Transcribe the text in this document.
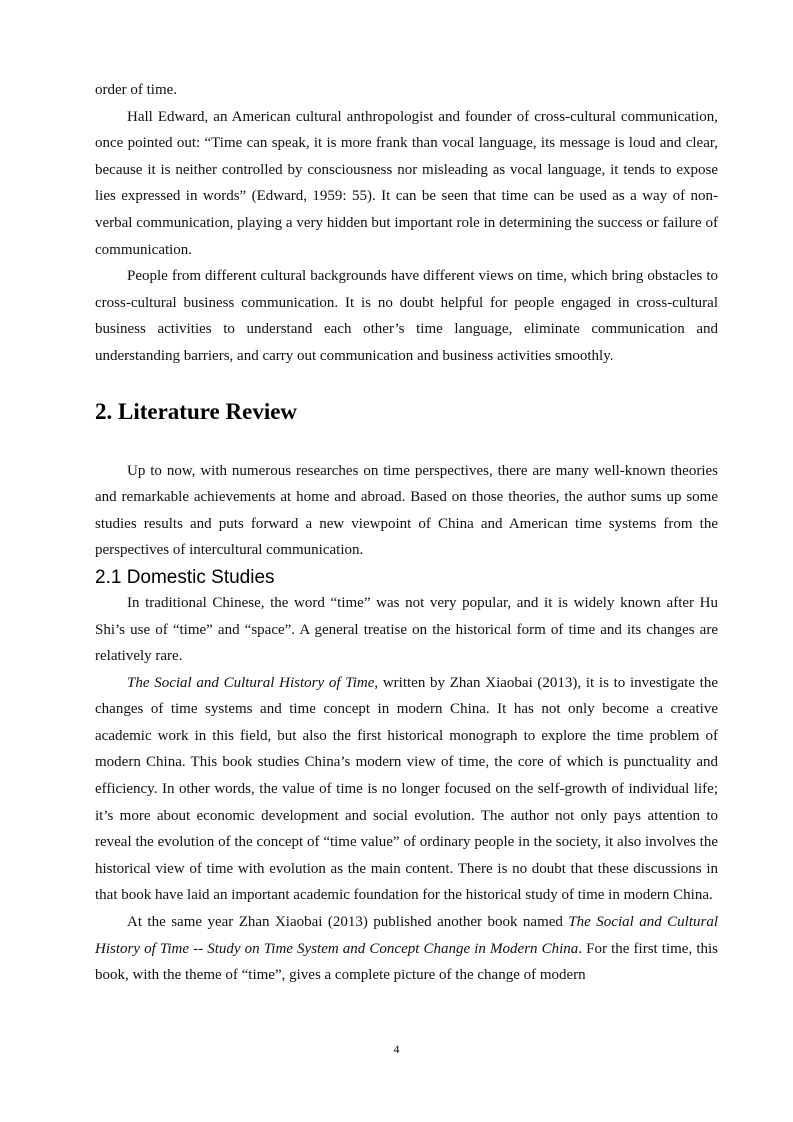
order of time.

Hall Edward, an American cultural anthropologist and founder of cross-cultural communication, once pointed out: “Time can speak, it is more frank than vocal language, its message is loud and clear, because it is neither controlled by consciousness nor misleading as vocal language, it tends to expose lies expressed in words” (Edward, 1959: 55). It can be seen that time can be used as a way of non-verbal communication, playing a very hidden but important role in determining the success or failure of communication.

People from different cultural backgrounds have different views on time, which bring obstacles to cross-cultural business communication. It is no doubt helpful for people engaged in cross-cultural business activities to understand each other’s time language, eliminate communication and understanding barriers, and carry out communication and business activities smoothly.

2. Literature Review

Up to now, with numerous researches on time perspectives, there are many well-known theories and remarkable achievements at home and abroad. Based on those theories, the author sums up some studies results and puts forward a new viewpoint of China and American time systems from the perspectives of intercultural communication.

2.1 Domestic Studies

In traditional Chinese, the word “time” was not very popular, and it is widely known after Hu Shi’s use of “time” and “space”. A general treatise on the historical form of time and its changes are relatively rare.

The Social and Cultural History of Time, written by Zhan Xiaobai (2013), it is to investigate the changes of time systems and time concept in modern China. It has not only become a creative academic work in this field, but also the first historical monograph to explore the time problem of modern China. This book studies China’s modern view of time, the core of which is punctuality and efficiency. In other words, the value of time is no longer focused on the self-growth of individual life; it’s more about economic development and social evolution. The author not only pays attention to reveal the evolution of the concept of “time value” of ordinary people in the society, it also involves the historical view of time with evolution as the main content. There is no doubt that these discussions in that book have laid an important academic foundation for the historical study of time in modern China.

At the same year Zhan Xiaobai (2013) published another book named The Social and Cultural History of Time -- Study on Time System and Concept Change in Modern China. For the first time, this book, with the theme of “time”, gives a complete picture of the change of modern

4
